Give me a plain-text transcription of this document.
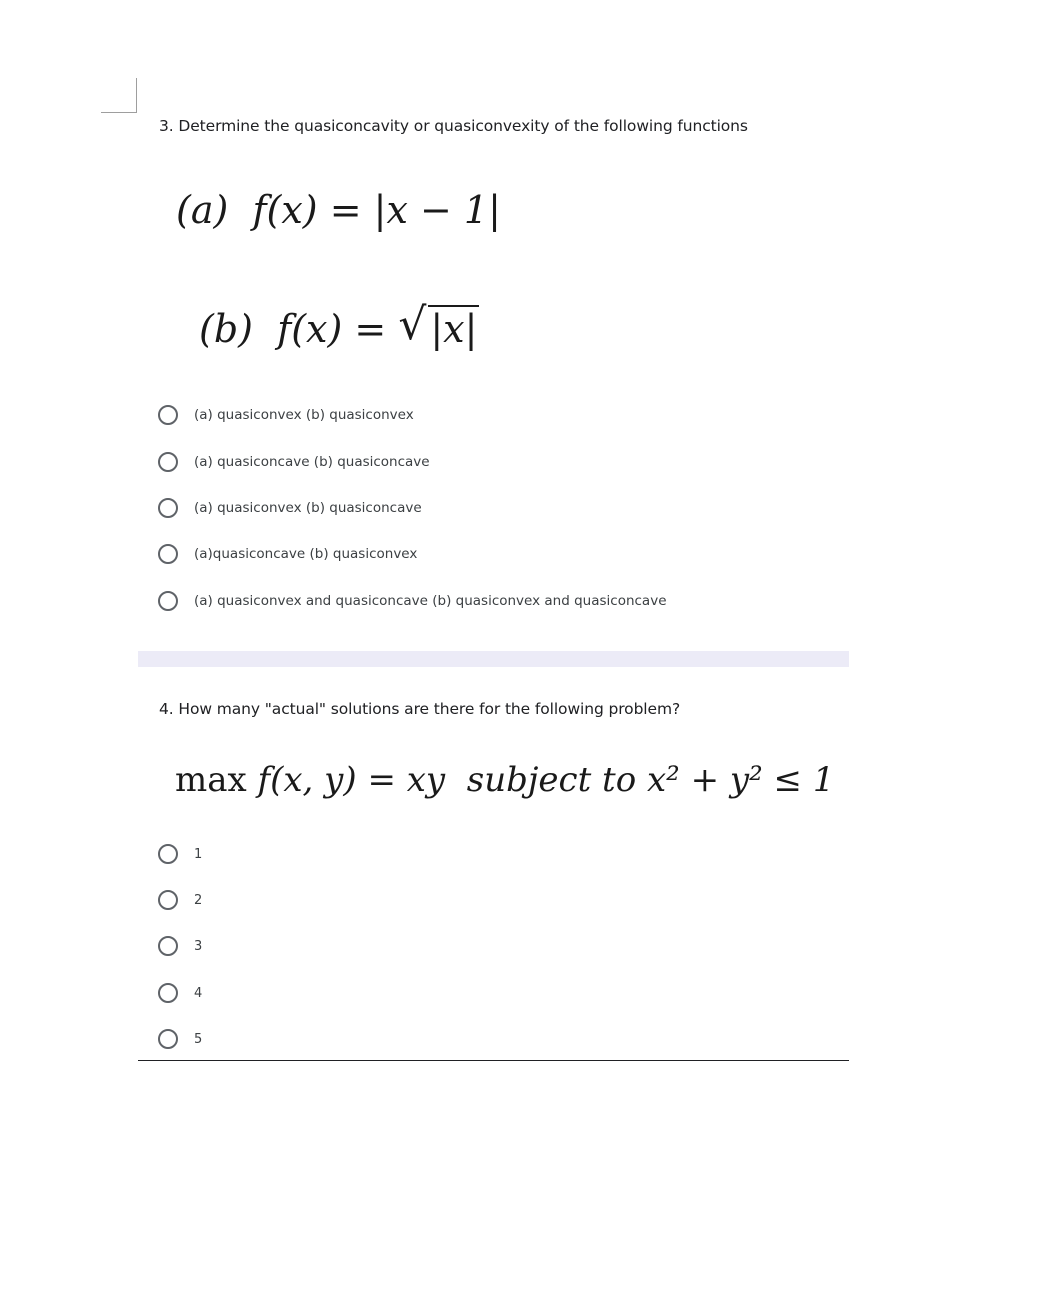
3. Determine the quasiconcavity or quasiconvexity of the following functions
(a) f(x) = |x − 1|
(b) f(x) = √ |x|
(a) quasiconvex (b) quasiconvex
(a) quasiconcave (b) quasiconcave
(a) quasiconvex (b) quasiconcave
(a)quasiconcave (b) quasiconvex
(a) quasiconvex and quasiconcave (b) quasiconvex and quasiconcave
4. How many "actual" solutions are there for the following problem?
max f(x, y) = xy subject to x² + y² ≤ 1
1
2
3
4
5
